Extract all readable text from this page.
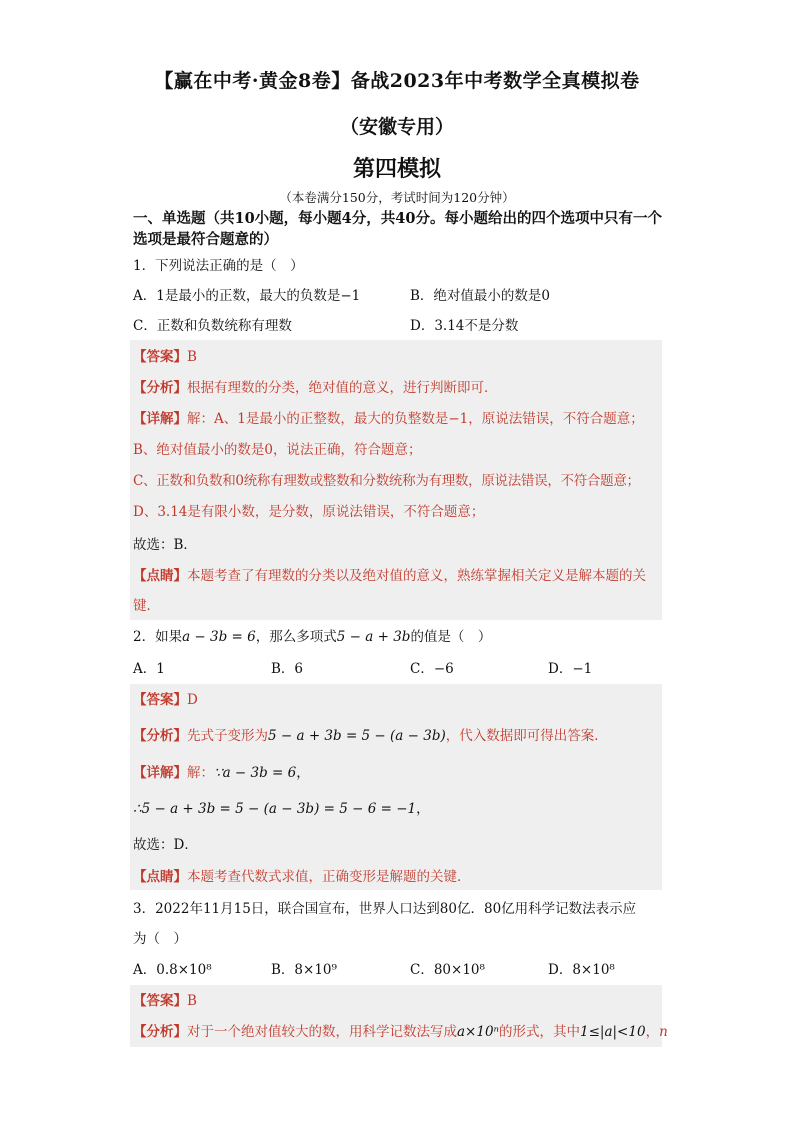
【赢在中考·黄金8卷】备战2023年中考数学全真模拟卷
（安徽专用）
第四模拟
（本卷满分150分，考试时间为120分钟）
一、单选题（共10小题，每小题4分，共40分。每小题给出的四个选项中只有一个选项是最符合题意的）
1．下列说法正确的是（　）
A．1是最小的正数，最大的负数是−1	B．绝对值最小的数是0
C．正数和负数统称有理数	D．3.14不是分数
【答案】B
【分析】根据有理数的分类，绝对值的意义，进行判断即可．
【详解】解：A、1是最小的正整数，最大的负整数是−1，原说法错误，不符合题意；
B、绝对值最小的数是0，说法正确，符合题意；
C、正数和负数和0统称有理数或整数和分数统称为有理数，原说法错误，不符合题意；
D、3.14是有限小数，是分数，原说法错误，不符合题意；
故选：B．
【点睛】本题考查了有理数的分类以及绝对值的意义，熟练掌握相关定义是解本题的关
键．
2．如果a − 3b = 6，那么多项式5 − a + 3b的值是（　）
A．1	B．6	C．−6	D．−1
【答案】D
【分析】先式子变形为5 − a + 3b = 5 − (a − 3b)，代入数据即可得出答案．
【详解】解：∵a − 3b = 6，
∴5 − a + 3b = 5 − (a − 3b) = 5 − 6 = −1，
故选：D．
【点睛】本题考查代数式求值，正确变形是解题的关键．
3．2022年11月15日，联合国宣布，世界人口达到80亿．80亿用科学记数法表示应
为（　）
A．0.8×10⁸	B．8×10⁹	C．80×10⁸	D．8×10⁸
【答案】B
【分析】对于一个绝对值较大的数，用科学记数法写成a×10ⁿ的形式，其中1≤|a|<10，n
